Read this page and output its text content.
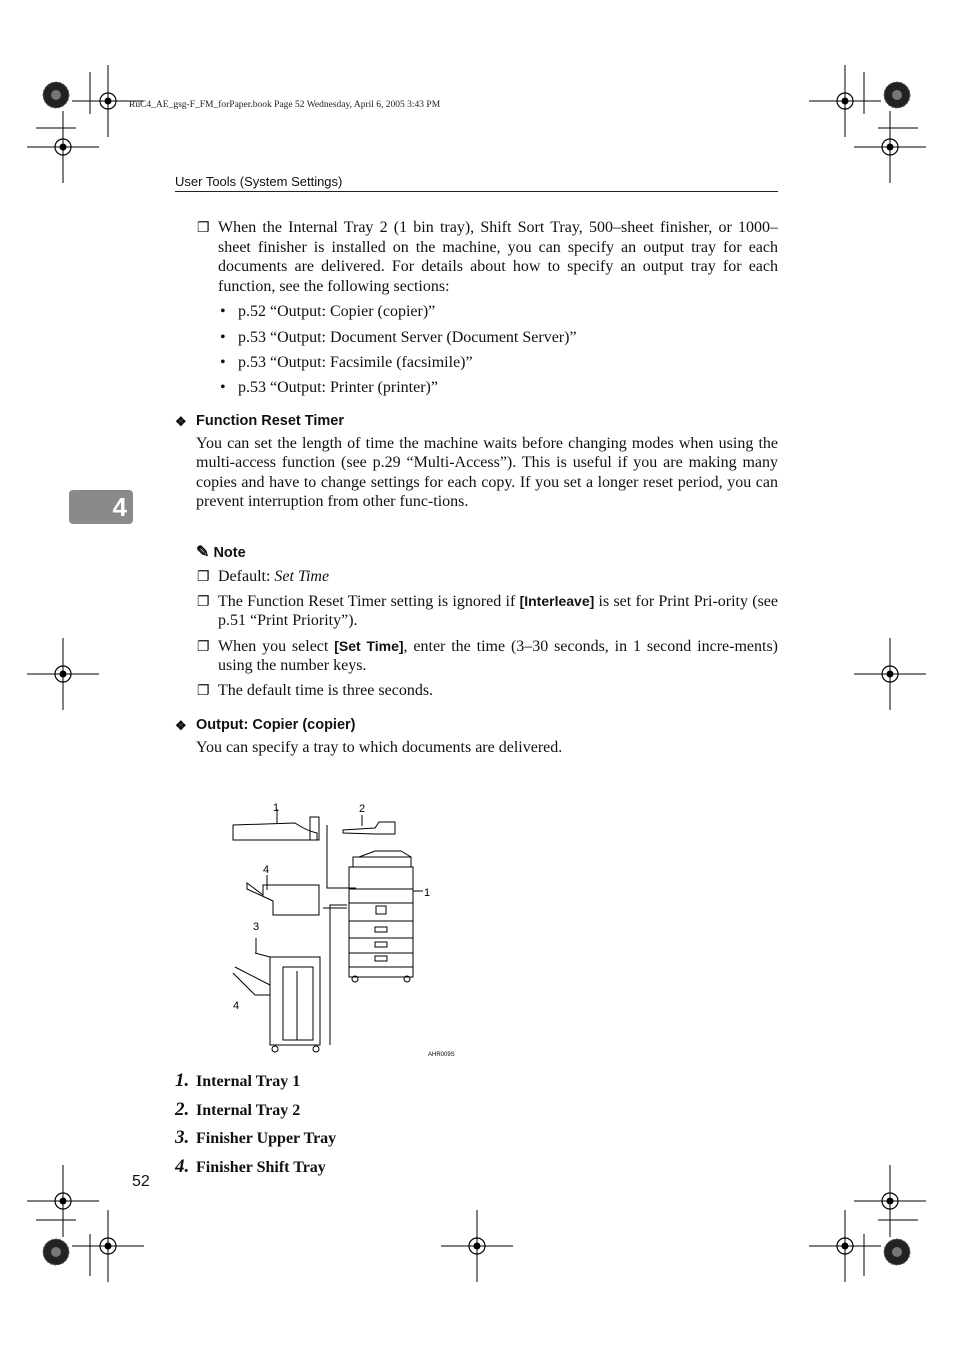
RuC4_AE_gsg-F_FM_forPaper.book Page 52 Wednesday, April 6, 2005 3:43 PM
User Tools (System Settings)
4
❐ When the Internal Tray 2 (1 bin tray), Shift Sort Tray, 500–sheet finisher, or 1000–sheet finisher is installed on the machine, you can specify an output tray for each documents are delivered. For details about how to specify an output tray for each function, see the following sections:
• p.52 “Output: Copier (copier)”
• p.53 “Output: Document Server (Document Server)”
• p.53 “Output: Facsimile (facsimile)”
• p.53 “Output: Printer (printer)”
❖ Function Reset Timer
You can set the length of time the machine waits before changing modes when using the multi-access function (see p.29 “Multi-Access”). This is useful if you are making many copies and have to change settings for each copy. If you set a longer reset period, you can prevent interruption from other func-tions.
✎ Note
❐ Default: Set Time
❐ The Function Reset Timer setting is ignored if [Interleave] is set for Print Pri-ority (see p.51 “Print Priority”).
❐ When you select [Set Time], enter the time (3–30 seconds, in 1 second incre-ments) using the number keys.
❐ The default time is three seconds.
❖ Output: Copier (copier)
You can specify a tray to which documents are delivered.
1	2
4
1
3
4
AHR009S
1. Internal Tray 1
2. Internal Tray 2
3. Finisher Upper Tray
4. Finisher Shift Tray
52
